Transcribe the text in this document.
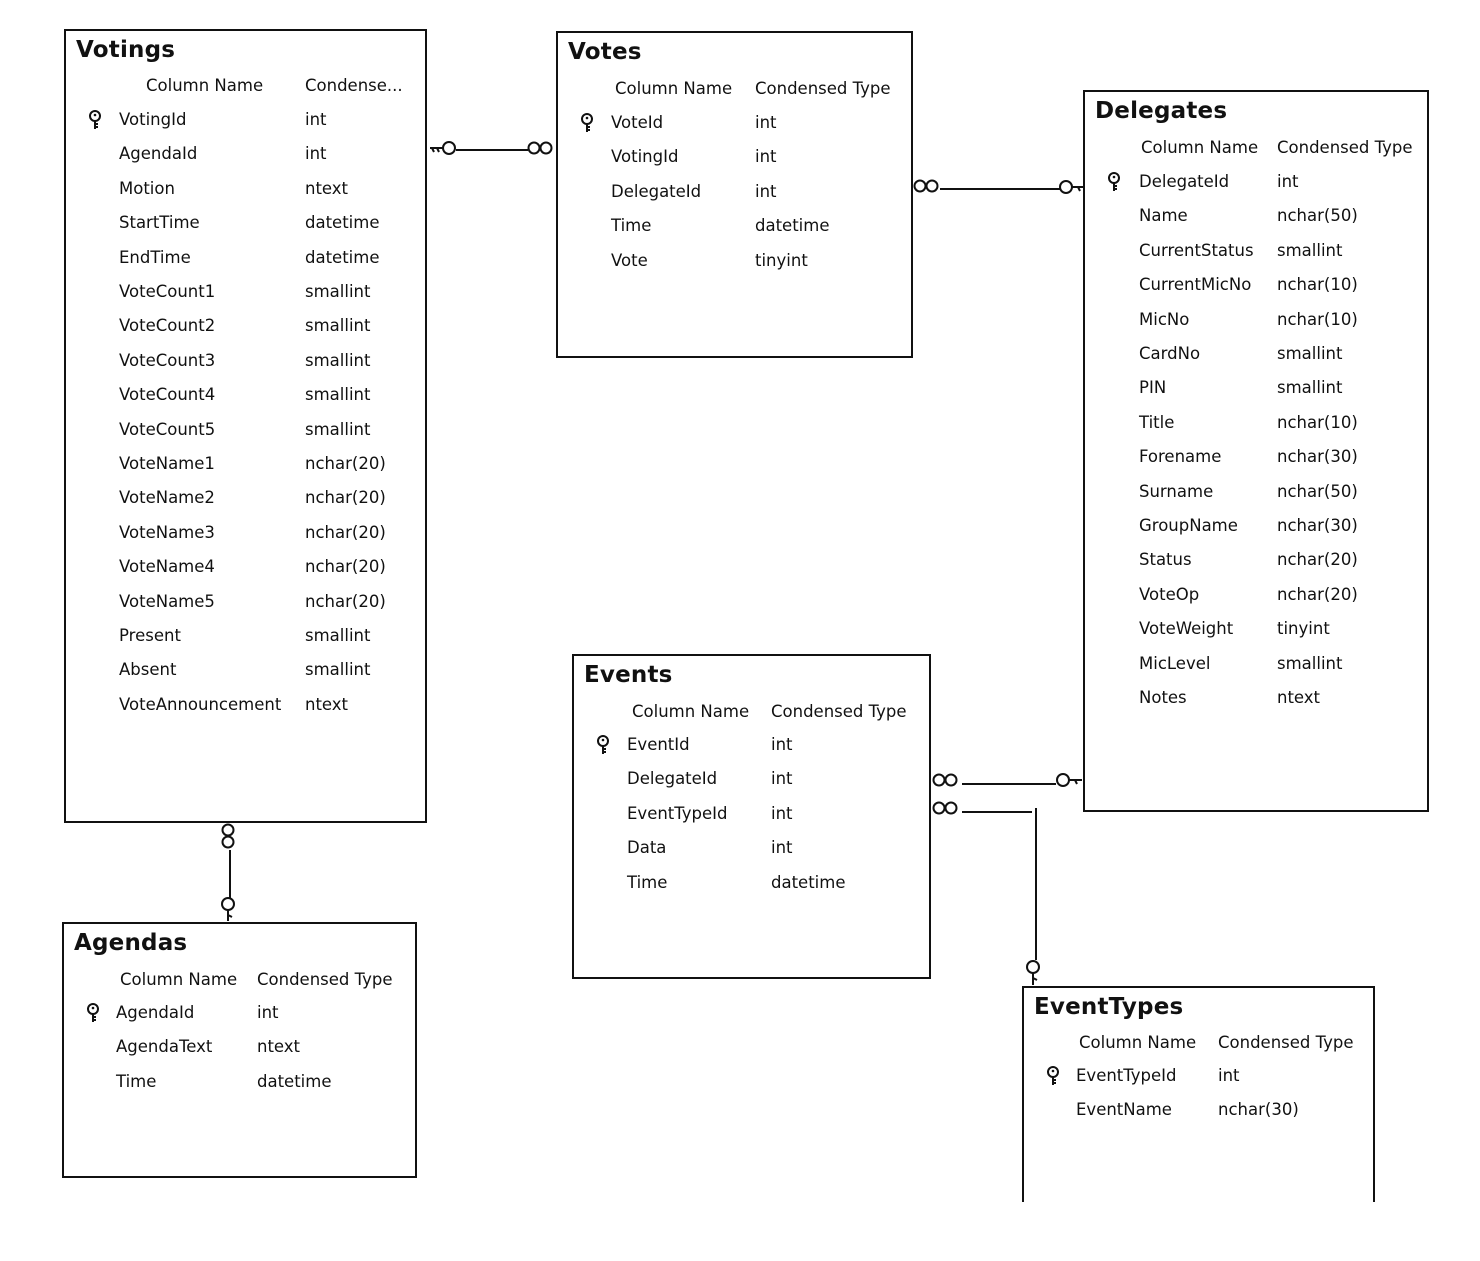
Votings
Column Name	Condense...
VotingId	int
AgendaId	int
Motion	ntext
StartTime	datetime
EndTime	datetime
VoteCount1	smallint
VoteCount2	smallint
VoteCount3	smallint
VoteCount4	smallint
VoteCount5	smallint
VoteName1	nchar(20)
VoteName2	nchar(20)
VoteName3	nchar(20)
VoteName4	nchar(20)
VoteName5	nchar(20)
Present	smallint
Absent	smallint
VoteAnnouncement ntext
Votes
Column Name Condensed Type
VoteId	int
VotingId	int
DelegateId	int
Time	datetime
Vote	tinyint
Delegates
Column Name Condensed Type
DelegateId	int
Name	nchar(50)
CurrentStatus smallint
CurrentMicNo nchar(10)
MicNo	nchar(10)
CardNo	smallint
PIN	smallint
Title	nchar(10)
Forename	nchar(30)
Surname	nchar(50)
GroupName nchar(30)
Status	nchar(20)
VoteOp	nchar(20)
VoteWeight	tinyint
MicLevel	smallint
Notes	ntext
Agendas
Column Name Condensed Type
AgendaId	int
AgendaText	ntext
Time	datetime
Events
Column Name Condensed Type
EventId	int
DelegateId	int
EventTypeId	int
Data	int
Time	datetime
EventTypes
Column Name Condensed Type
EventTypeId	int
EventName	nchar(30)
